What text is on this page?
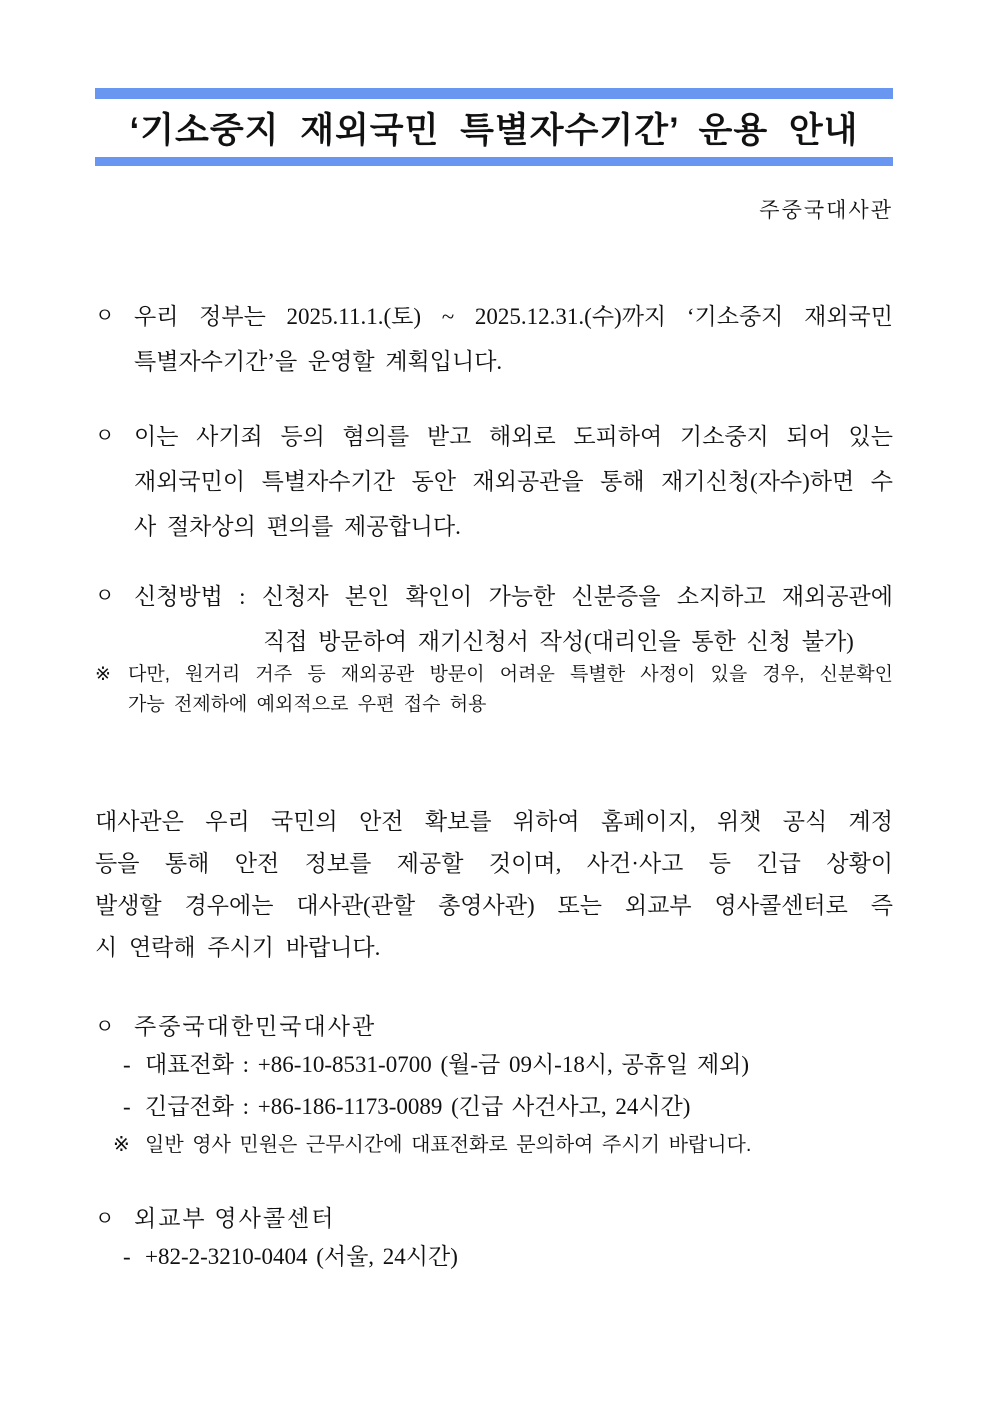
‘기소중지 재외국민 특별자수기간’ 운용 안내
주중국대사관
ㅇ 우리 정부는 2025.11.1.(토) ~ 2025.12.31.(수)까지 ‘기소중지 재외국민
특별자수기간’을 운영할 계획입니다.
ㅇ 이는 사기죄 등의 혐의를 받고 해외로 도피하여 기소중지 되어 있는
재외국민이 특별자수기간 동안 재외공관을 통해 재기신청(자수)하면 수
사 절차상의 편의를 제공합니다.
ㅇ 신청방법 : 신청자 본인 확인이 가능한 신분증을 소지하고 재외공관에
직접 방문하여 재기신청서 작성(대리인을 통한 신청 불가)
※ 다만, 원거리 거주 등 재외공관 방문이 어려운 특별한 사정이 있을 경우, 신분확인
가능 전제하에 예외적으로 우편 접수 허용
대사관은 우리 국민의 안전 확보를 위하여 홈페이지, 위챗 공식 계정
등을 통해 안전 정보를 제공할 것이며, 사건·사고 등 긴급 상황이
발생할 경우에는 대사관(관할 총영사관) 또는 외교부 영사콜센터로 즉
시 연락해 주시기 바랍니다.
ㅇ 주중국대한민국대사관
- 대표전화 : +86-10-8531-0700 (월-금 09시-18시, 공휴일 제외)
- 긴급전화 : +86-186-1173-0089 (긴급 사건사고, 24시간)
※ 일반 영사 민원은 근무시간에 대표전화로 문의하여 주시기 바랍니다.
ㅇ 외교부 영사콜센터
- +82-2-3210-0404 (서울, 24시간)
